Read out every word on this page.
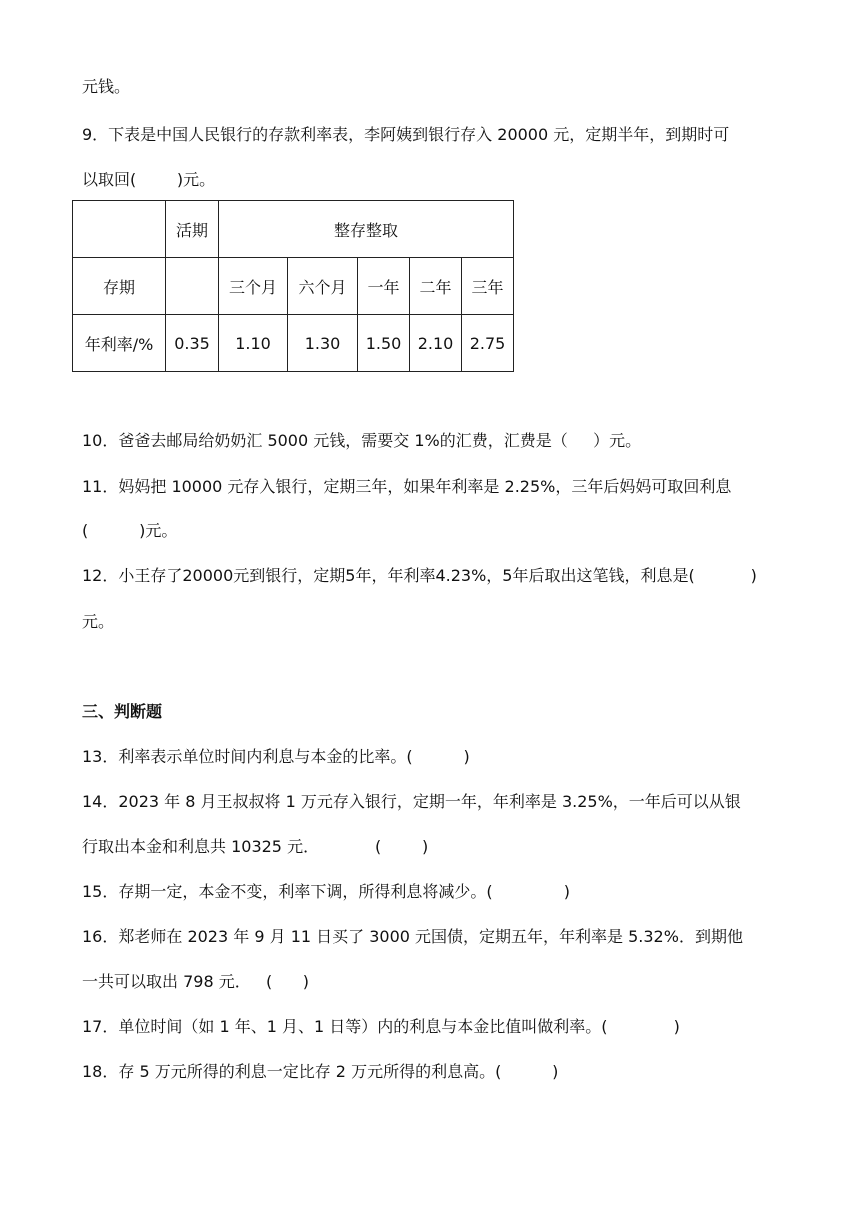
元钱。
9．下表是中国人民银行的存款利率表，李阿姨到银行存入 20000 元，定期半年，到期时可
以取回(        )元。
	活期	整存整取				
存期		三个月	六个月	一年	二年	三年
年利率/%	0.35	1.10	1.30	1.50	2.10	2.75
10．爸爸去邮局给奶奶汇 5000 元钱，需要交 1%的汇费，汇费是（     ）元。
11．妈妈把 10000 元存入银行，定期三年，如果年利率是 2.25%，三年后妈妈可取回利息
(          )元。
12．小王存了20000元到银行，定期5年，年利率4.23%，5年后取出这笔钱，利息是(           )
元。
三、判断题
13．利率表示单位时间内利息与本金的比率。(          )
14．2023 年 8 月王叔叔将 1 万元存入银行，定期一年，年利率是 3.25%，一年后可以从银
行取出本金和利息共 10325 元．           (        )
15．存期一定，本金不变，利率下调，所得利息将减少。(              )
16．郑老师在 2023 年 9 月 11 日买了 3000 元国债，定期五年，年利率是 5.32%．到期他
一共可以取出 798 元．   (      )
17．单位时间（如 1 年、1 月、1 日等）内的利息与本金比值叫做利率。(             )
18．存 5 万元所得的利息一定比存 2 万元所得的利息高。(          )
